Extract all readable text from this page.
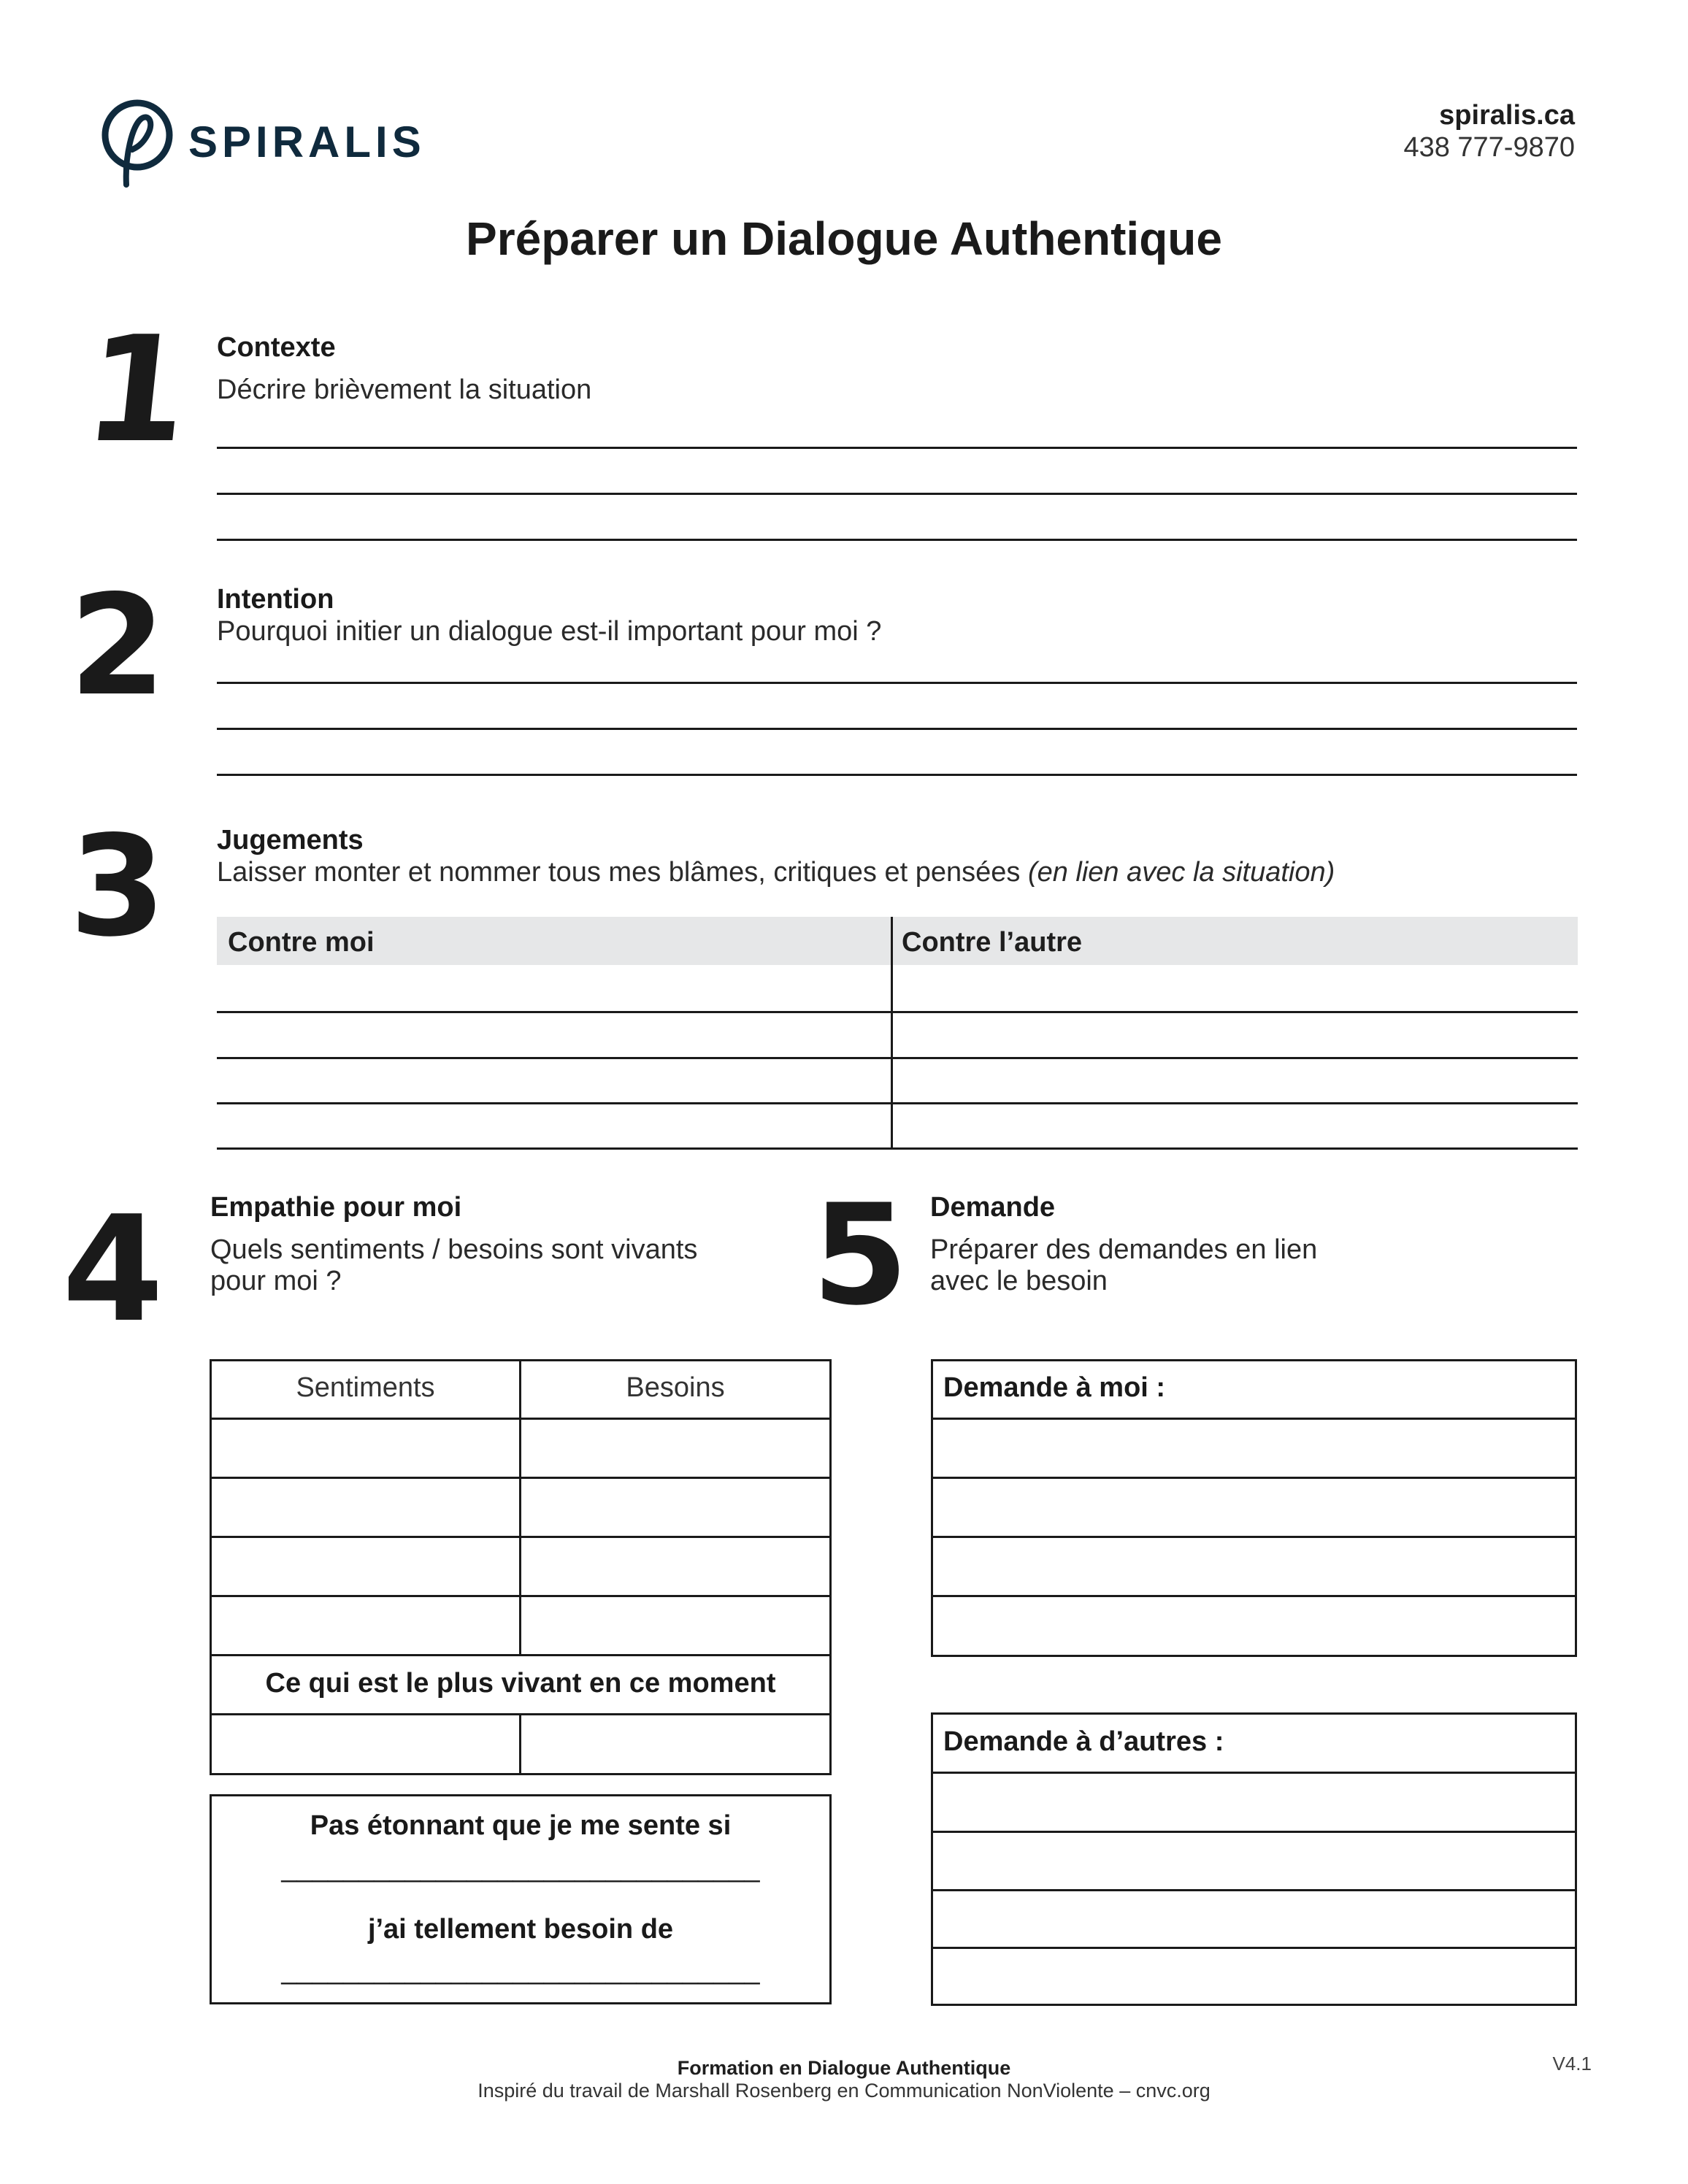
SPIRALIS
spiralis.ca
438 777-9870
Préparer un Dialogue Authentique
1 Contexte
Décrire brièvement la situation
2 Intention
Pourquoi initier un dialogue est-il important pour moi ?
3 Jugements
Laisser monter et nommer tous mes blâmes, critiques et pensées (en lien avec la situation)
Contre moi	Contre l’autre
4 Empathie pour moi
Quels sentiments / besoins sont vivants
pour moi ?
Sentiments	Besoins
Ce qui est le plus vivant en ce moment
Pas étonnant que je me sente si
_______________________________
j’ai tellement besoin de
_______________________________
5 Demande
Préparer des demandes en lien
avec le besoin
Demande à moi :
Demande à d’autres :
Formation en Dialogue Authentique
Inspiré du travail de Marshall Rosenberg en Communication NonViolente – cnvc.org
V4.1
